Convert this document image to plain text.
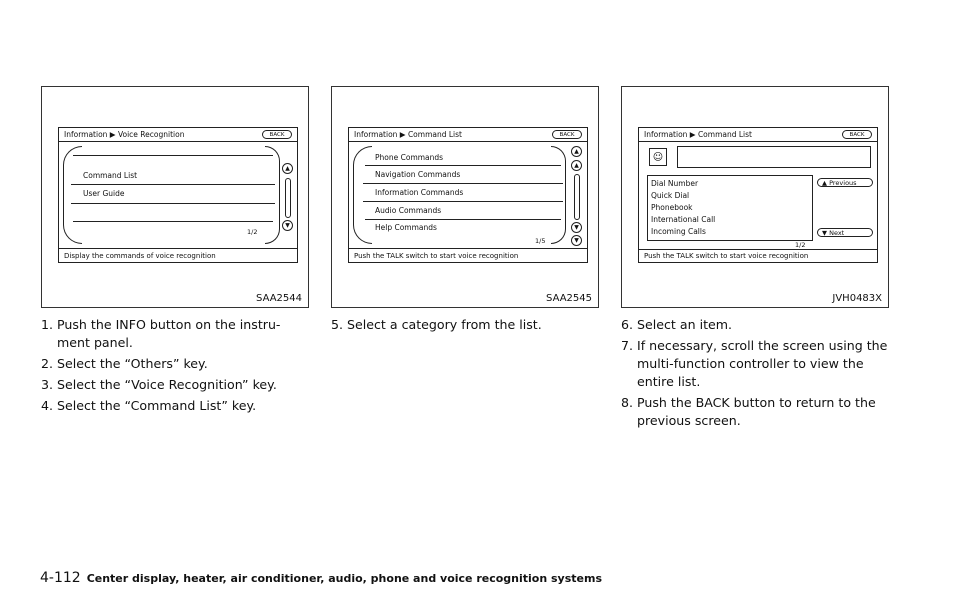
Information ▶ Voice Recognition	BACK
Command List
User Guide
1/2
▲
▼
Display the commands of voice recognition
SAA2544
Information ▶ Command List	BACK
Phone Commands
Navigation Commands
Information Commands
Audio Commands
Help Commands
1/5
▲
▲
▼
▼
Push the TALK switch to start voice recognition
SAA2545
Information ▶ Command List	BACK
☺
Dial Number
Quick Dial
Phonebook
International Call
Incoming Calls
1/2
▲ Previous
▼ Next
Push the TALK switch to start voice recognition
JVH0483X
1. Push the INFO button on the instru- ment panel.
2. Select the “Others” key.
3. Select the “Voice Recognition” key.
4. Select the “Command List” key.
5. Select a category from the list.	6. Select an item.
7. If necessary, scroll the screen using the multi-function controller to view the entire list.
8. Push the BACK button to return to the previous screen.
4-112 Center display, heater, air conditioner, audio, phone and voice recognition systems
